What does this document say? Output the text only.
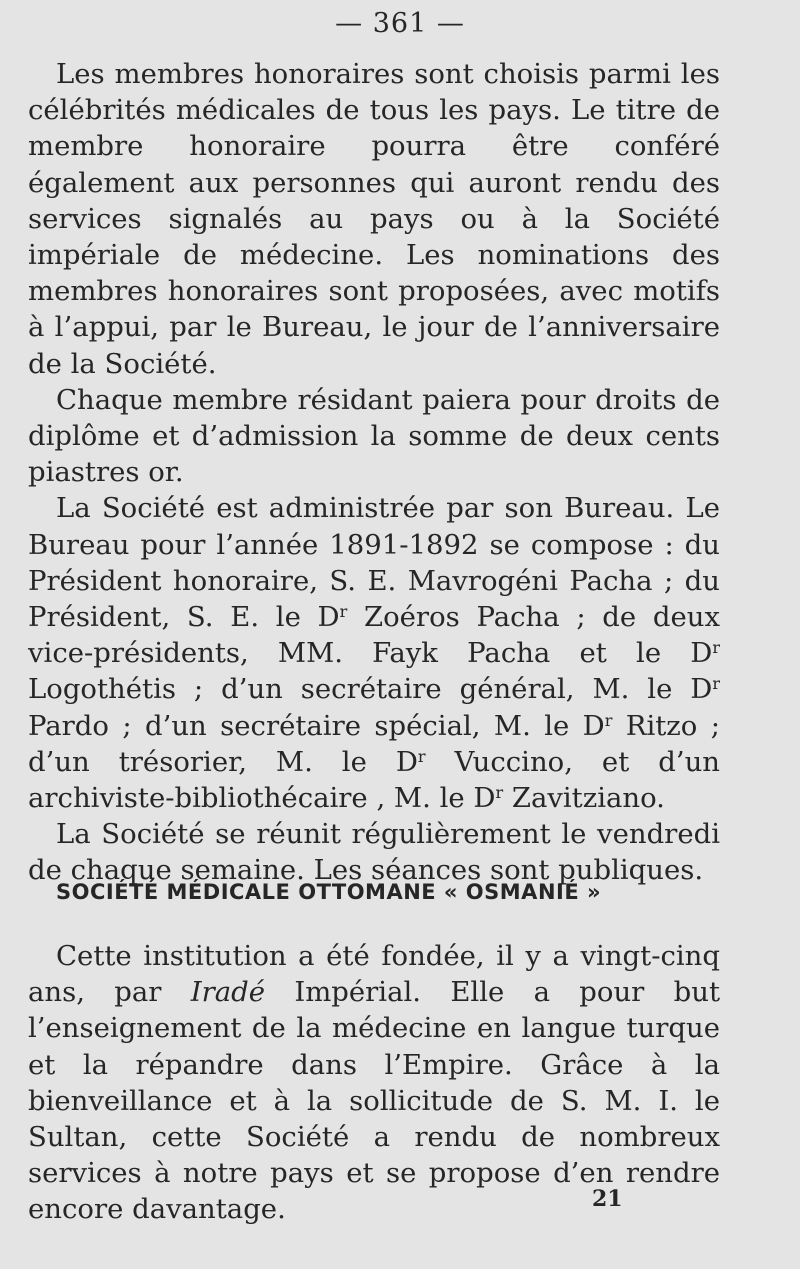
— 361 —

Les membres honoraires sont choisis parmi les célébrités médicales de tous les pays. Le titre de membre honoraire pourra être conféré également aux personnes qui auront rendu des services signalés au pays ou à la Société impériale de médecine. Les nominations des membres honoraires sont proposées, avec motifs à l’appui, par le Bureau, le jour de l’anniversaire de la Société.

Chaque membre résidant paiera pour droits de diplôme et d’admission la somme de deux cents piastres or.

La Société est administrée par son Bureau. Le Bureau pour l’année 1891-1892 se compose : du Président honoraire, S. E. Mavrogéni Pacha ; du Président, S. E. le $D^r$ Zoéros Pacha ; de deux vice-présidents, MM. Fayk Pacha et le $D^r$ Logothétis ; d’un secrétaire général, M. le $D^r$ Pardo ; d’un secrétaire spécial, M. le $D^r$ Ritzo ; d’un trésorier, M. le $D^r$ Vuccino, et d’un archiviste-bibliothécaire , M. le $D^r$ Zavitziano.

La Société se réunit régulièrement le vendredi de chaque semaine. Les séances sont publiques.

SOCIÉTÉ MÉDICALE OTTOMANE « OSMANIÉ »

Cette institution a été fondée, il y a vingt-cinq ans, par Iradé Impérial. Elle a pour but l’enseignement de la médecine en langue turque et la répandre dans l’Empire. Grâce à la bienveillance et à la sollicitude de S. M. I. le Sultan, cette Société a rendu de nombreux services à notre pays et se propose d’en rendre encore davantage.	21
